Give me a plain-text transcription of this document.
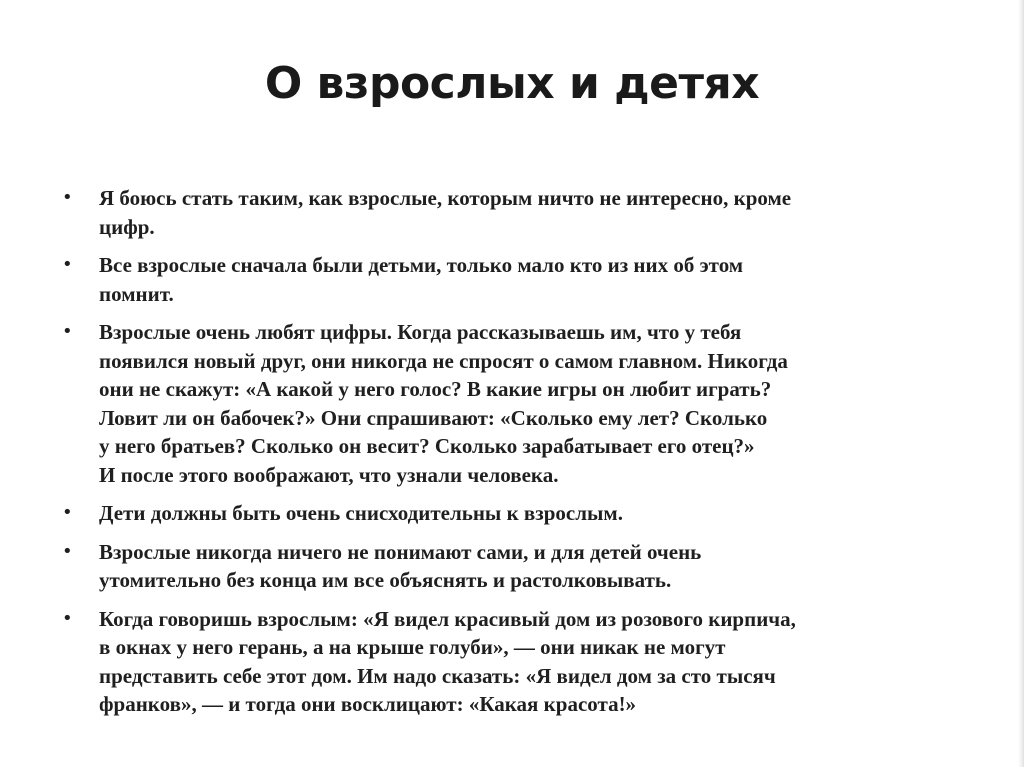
О взрослых и детях
• Я боюсь стать таким, как взрослые, которым ничто не интересно, кроме
цифр.
• Все взрослые сначала были детьми, только мало кто из них об этом
помнит.
• Взрослые очень любят цифры. Когда рассказываешь им, что у тебя
появился новый друг, они никогда не спросят о самом главном. Никогда
они не скажут: «А какой у него голос? В какие игры он любит играть?
Ловит ли он бабочек?» Они спрашивают: «Сколько ему лет? Сколько
у него братьев? Сколько он весит? Сколько зарабатывает его отец?»
И после этого воображают, что узнали человека.
• Дети должны быть очень снисходительны к взрослым.
• Взрослые никогда ничего не понимают сами, и для детей очень
утомительно без конца им все объяснять и растолковывать.
• Когда говоришь взрослым: «Я видел красивый дом из розового кирпича,
в окнах у него герань, а на крыше голуби», — они никак не могут
представить себе этот дом. Им надо сказать: «Я видел дом за сто тысяч
франков», — и тогда они восклицают: «Какая красота!»
